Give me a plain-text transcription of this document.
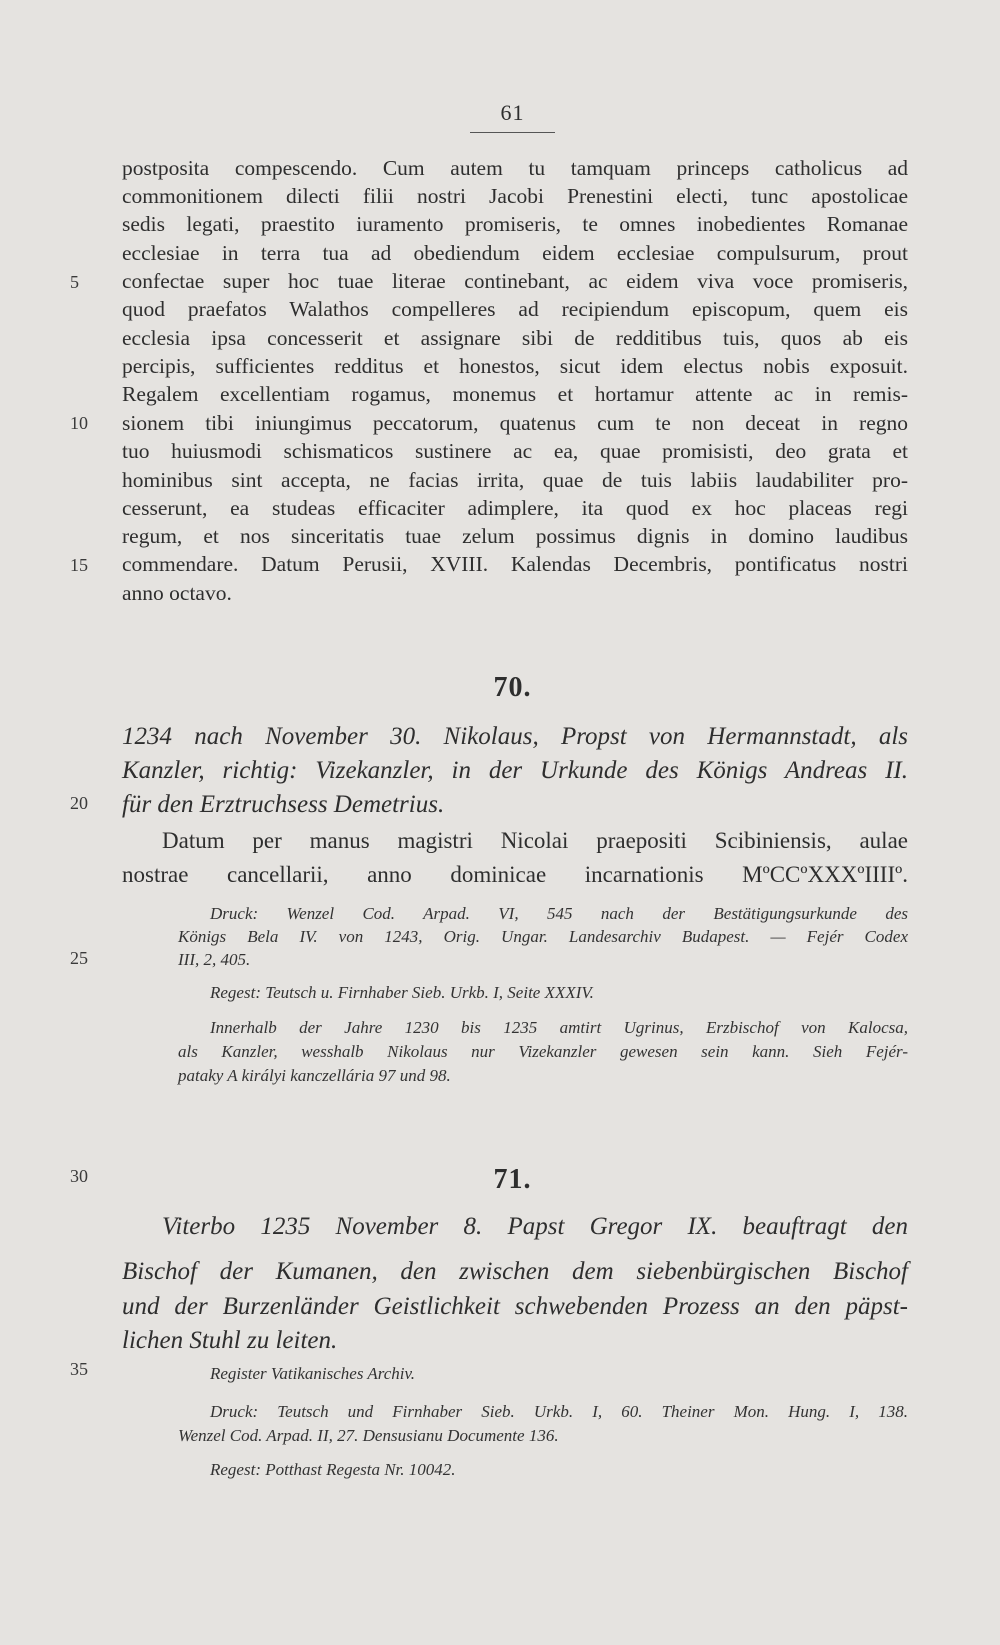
61
postposita compescendo. Cum autem tu tamquam princeps catholicus ad
commonitionem dilecti filii nostri Jacobi Prenestini electi, tunc apostolicae
sedis legati, praestito iuramento promiseris, te omnes inobedientes Romanae
ecclesiae in terra tua ad obediendum eidem ecclesiae compulsurum, prout
confectae super hoc tuae literae continebant, ac eidem viva voce promiseris,
quod praefatos Walathos compelleres ad recipiendum episcopum, quem eis
ecclesia ipsa concesserit et assignare sibi de redditibus tuis, quos ab eis
percipis, sufficientes redditus et honestos, sicut idem electus nobis exposuit.
Regalem excellentiam rogamus, monemus et hortamur attente ac in remis-
sionem tibi iniungimus peccatorum, quatenus cum te non deceat in regno
tuo huiusmodi schismaticos sustinere ac ea, quae promisisti, deo grata et
hominibus sint accepta, ne facias irrita, quae de tuis labiis laudabiliter pro-
cesserunt, ea studeas efficaciter adimplere, ita quod ex hoc placeas regi
regum, et nos sinceritatis tuae zelum possimus dignis in domino laudibus
commendare. Datum Perusii, XVIII. Kalendas Decembris, pontificatus nostri
anno octavo.
5
10
15
20
25
30
35
70.
1234 nach November 30. Nikolaus, Propst von Hermannstadt, als
Kanzler, richtig: Vizekanzler, in der Urkunde des Königs Andreas II.
für den Erztruchsess Demetrius.
Datum per manus magistri Nicolai praepositi Scibiniensis, aulae
nostrae cancellarii, anno dominicae incarnationis MºCCºXXXºIIIIº.
Druck: Wenzel Cod. Arpad. VI, 545 nach der Bestätigungsurkunde des
Königs Bela IV. von 1243, Orig. Ungar. Landesarchiv Budapest. — Fejér Codex
III, 2, 405.
Regest: Teutsch u. Firnhaber Sieb. Urkb. I, Seite XXXIV.
Innerhalb der Jahre 1230 bis 1235 amtirt Ugrinus, Erzbischof von Kalocsa,
als Kanzler, wesshalb Nikolaus nur Vizekanzler gewesen sein kann. Sieh Fejér-
pataky A királyi kanczellária 97 und 98.
71.
Viterbo 1235 November 8. Papst Gregor IX. beauftragt den
Bischof der Kumanen, den zwischen dem siebenbürgischen Bischof
und der Burzenländer Geistlichkeit schwebenden Prozess an den päpst-
lichen Stuhl zu leiten.
Register Vatikanisches Archiv.
Druck: Teutsch und Firnhaber Sieb. Urkb. I, 60. Theiner Mon. Hung. I, 138.
Wenzel Cod. Arpad. II, 27. Densusianu Documente 136.
Regest: Potthast Regesta Nr. 10042.
